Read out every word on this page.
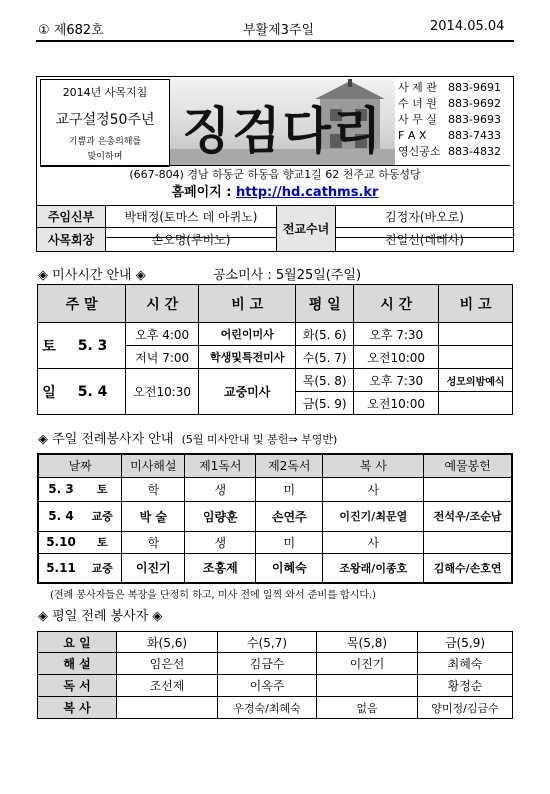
① 제682호	부활제3주일	2014.05.04
2014년 사목지침
교구설정50주년
기쁨과 은총의해를
맞이하며	징검다리
사 제 관 883-9691
수 녀 원 883-9692
사 무 실 883-9693
F A X 883-7433
영신공소 883-4832
(667-804) 경남 하동군 하동읍 향교1길 62 천주교 하동성당
홈페이지 : http://hd.cathms.kr
주임신부	박태정(토마스 데 아퀴노)	전교수녀	김정자(바오로)
사목회장	손오명(루비노)		진일선(데레사)
◈ 미사시간 안내 ◈	공소미사 : 5월25일(주일)
주 말		시 간	비 고	평 일	시 간	비 고
토	5. 3	오후 4:00	어린이미사	화(5. 6)	오후 7:30	
		저녁 7:00	학생및특전미사	수(5. 7)	오전10:00	
일	5. 4	오전10:30	교중미사	목(5. 8)	오후 7:30	성모의밤예식
				금(5. 9)	오전10:00	
◈ 주일 전례봉사자 안내 (5월 미사안내 및 봉헌⇒ 부영반)
날짜		미사해설	제1독서	제2독서	복 사	예물봉헌
5. 3	토	학	생	미	사	
5. 4	교중	박 술	임량훈	손연주	이진기/최문열	전석우/조순남
5.10	토	학	생	미	사	
5.11	교중	이진기	조홍제	이혜숙	조왕래/이종호	김해수/손호연
(전례 봉사자들은 복장을 단정히 하고, 미사 전에 일찍 와서 준비를 합시다.)
◈ 평일 전례 봉사자 ◈
요 일	화(5,6)	수(5,7)	목(5,8)	금(5,9)
해 설	임은선	김금수	이진기	최혜숙
독 서	조선제	이옥주		황정순
복 사		우경숙/최혜숙	없음	양미정/김금수
